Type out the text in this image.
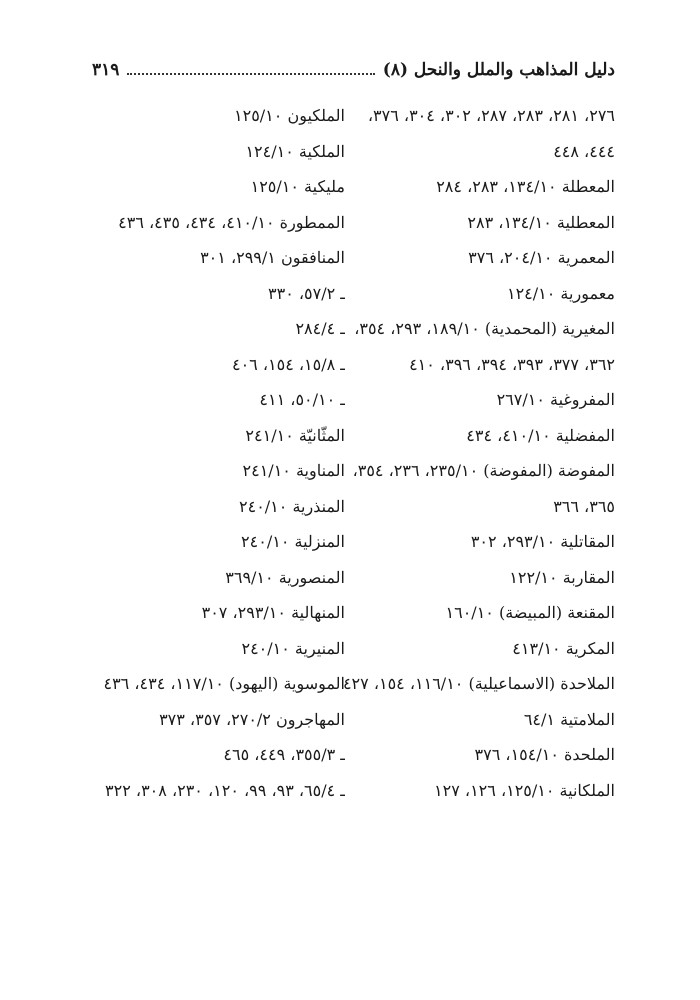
دليل المذاهب والملل والنحل (٨)
٣١٩
٢٧٦، ٢٨١، ٢٨٣، ٢٨٧، ٣٠٢، ٣٠٤، ٣٧٦،
٤٤٤، ٤٤٨
المعطلة ١٣٤/١٠، ٢٨٣، ٢٨٤
المعطلية ١٣٤/١٠، ٢٨٣
المعمرية ٢٠٤/١٠، ٣٧٦
معمورية ١٢٤/١٠
المغيرية (المحمدية) ١٨٩/١٠، ٢٩٣، ٣٥٤،
٣٦٢، ٣٧٧، ٣٩٣، ٣٩٤، ٣٩٦، ٤١٠
المفروغية ٢٦٧/١٠
المفضلية ٤١٠/١٠، ٤٣٤
المفوضة (المفوضة) ٢٣٥/١٠، ٢٣٦، ٣٥٤،
٣٦٥، ٣٦٦
المقاتلية ٢٩٣/١٠، ٣٠٢
المقاربة ١٢٢/١٠
المقنعة (المبيضة) ١٦٠/١٠
المكرية ٤١٣/١٠
الملاحدة (الاسماعيلية) ١١٦/١٠، ١٥٤، ٤٢٧
الملامتية ٦٤/١
الملحدة ١٥٤/١٠، ٣٧٦
الملكانية ١٢٥/١٠، ١٢٦، ١٢٧
الملكيون ١٢٥/١٠
الملكية ١٢٤/١٠
مليكية ١٢٥/١٠
الممطورة ٤١٠/١٠، ٤٣٤، ٤٣٥، ٤٣٦
المنافقون ٢٩٩/١، ٣٠١
ـ ٥٧/٢، ٣٣٠
ـ ٢٨٤/٤
ـ ١٥/٨، ١٥٤، ٤٠٦
ـ ٥٠/١٠، ٤١١
المثّانيّة ٢٤١/١٠
المناوية ٢٤١/١٠
المنذرية ٢٤٠/١٠
المنزلية ٢٤٠/١٠
المنصورية ٣٦٩/١٠
المنهالية ٢٩٣/١٠، ٣٠٧
المنيرية ٢٤٠/١٠
الموسوية (اليهود) ١١٧/١٠، ٤٣٤، ٤٣٦
المهاجرون ٢٧٠/٢، ٣٥٧، ٣٧٣
ـ ٣٥٥/٣، ٤٤٩، ٤٦٥
ـ ٦٥/٤، ٩٣، ٩٩، ١٢٠، ٢٣٠، ٣٠٨، ٣٢٢
